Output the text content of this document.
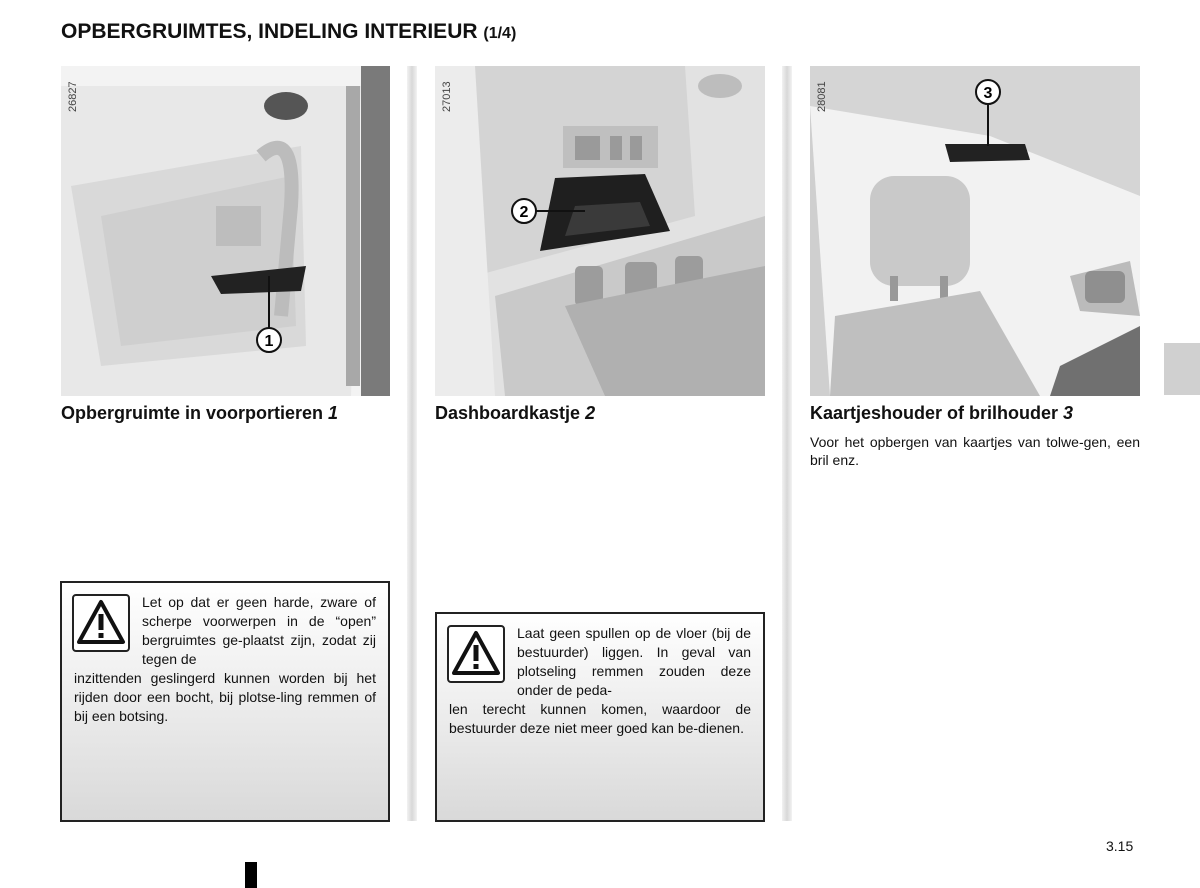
OPBERGRUIMTES, INDELING INTERIEUR (1/4)
1
26827
2
27013	3
28081
Opbergruimte in voorportieren 1	Dashboardkastje 2	Kaartjeshouder of brilhouder 3
Voor het opbergen van kaartjes van tolwe-gen, een bril enz.
Let op dat er geen harde, zware of scherpe voorwerpen in de “open” bergruimtes ge-plaatst zijn, zodat zij tegen de
inzittenden geslingerd kunnen worden bij het rijden door een bocht, bij plotse-ling remmen of bij een botsing.
Laat geen spullen op de vloer (bij de bestuurder) liggen. In geval van plotseling remmen zouden deze onder de peda-
len terecht kunnen komen, waardoor de bestuurder deze niet meer goed kan be-dienen.
3.15
